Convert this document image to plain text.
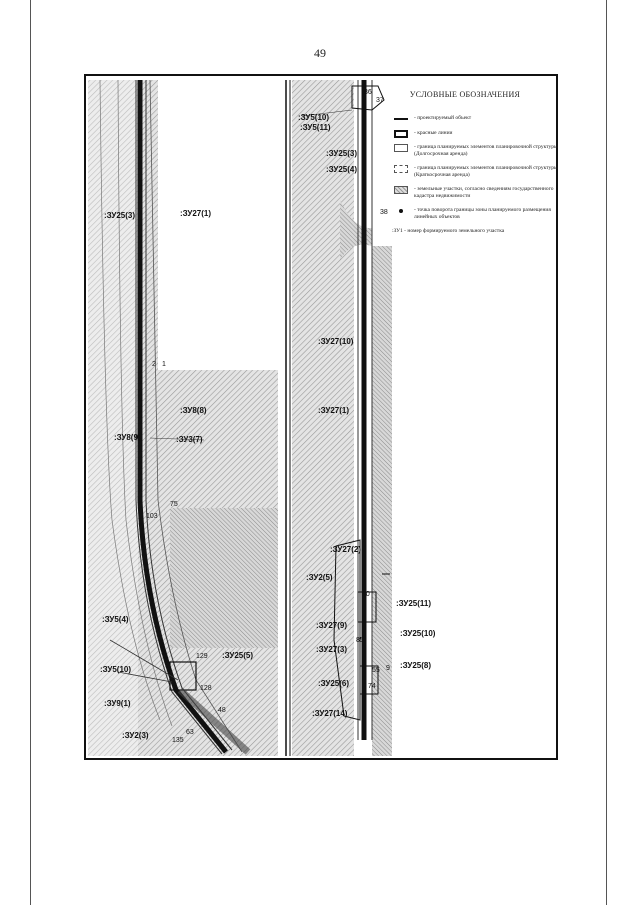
49
:ЗУ25(3)	:ЗУ27(1)
:ЗУ8(8)
:ЗУ8(9)	:ЗУ3(7)
:ЗУ5(4)
:ЗУ5(10)
:ЗУ25(5)
:ЗУ9(1)
:ЗУ2(3)
1
2
75
103
129
128
48
135
63
:ЗУ5(10)
:ЗУ5(11)
:ЗУ25(3)
:ЗУ25(4)
:ЗУ27(10)
:ЗУ27(1)
:ЗУ27(2)
:ЗУ2(5)
:ЗУ25(11)
:ЗУ27(9)
:ЗУ25(10)
:ЗУ27(3)
:ЗУ25(8)
:ЗУ25(6)
:ЗУ27(14)
36
37
38
85
9
10
55
74
УСЛОВНЫЕ ОБОЗНАЧЕНИЯ
- проектируемый объект
- красные линии
- граница планируемых элементов планировочной структуры (Долгосрочная аренда)
- граница планируемых элементов планировочной структуры (Краткосрочная аренда)
- земельные участки, согласно сведениям государственного кадастра недвижимости
- точка поворота границы зоны планируемого размещения линейных объектов
:ЗУ1 - номер формируемого земельного участка
